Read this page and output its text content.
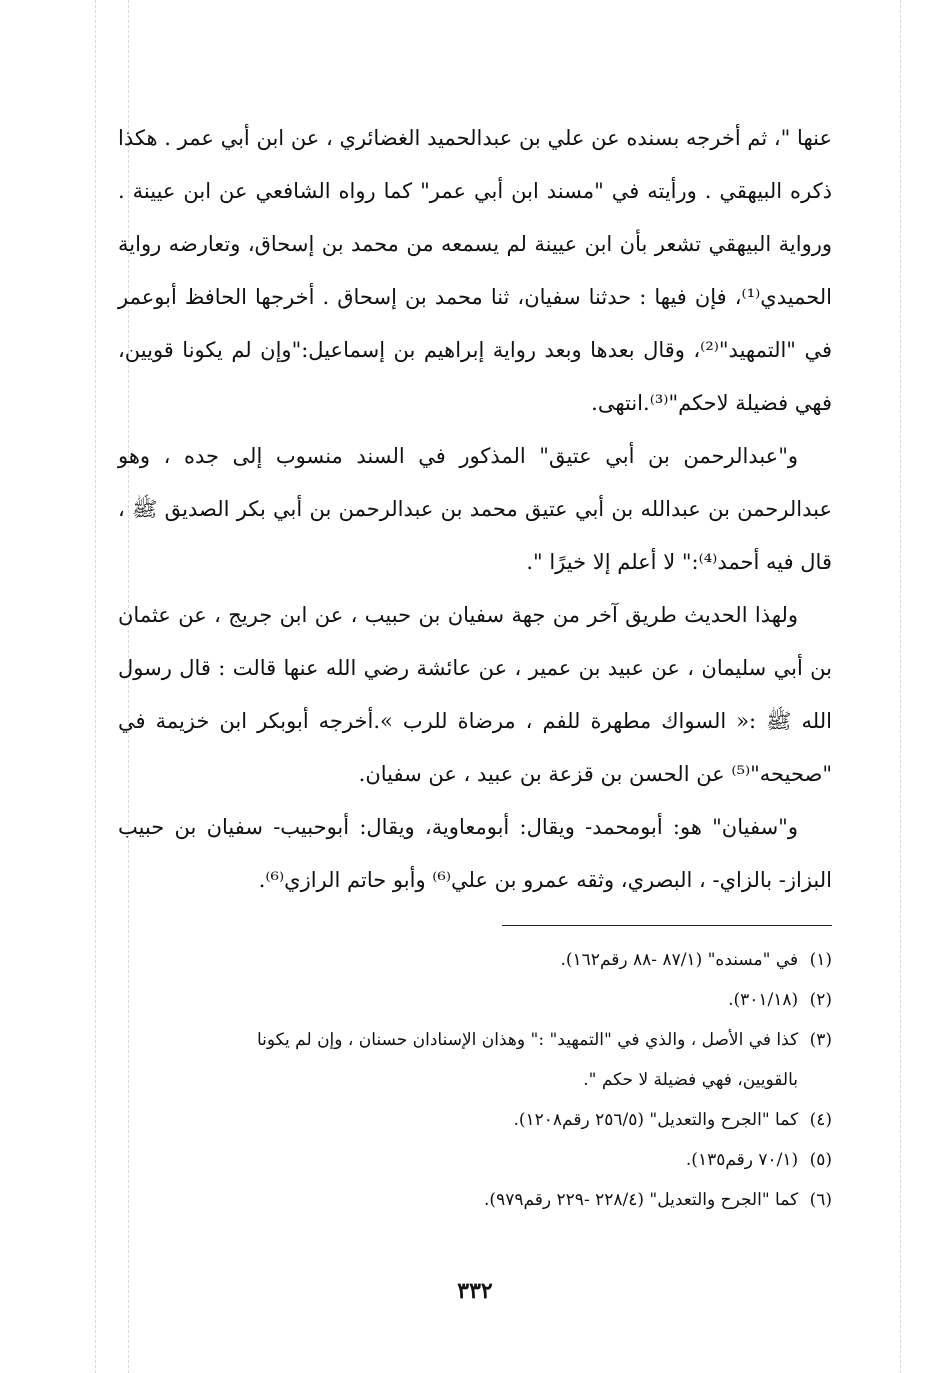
عنها "، ثم أخرجه بسنده عن علي بن عبدالحميد الغضائري ، عن ابن أبي عمر . هكذا ذكره البيهقي . ورأيته في "مسند ابن أبي عمر" كما رواه الشافعي عن ابن عيينة . ورواية البيهقي تشعر بأن ابن عيينة لم يسمعه من محمد بن إسحاق، وتعارضه رواية الحميدي⁽¹⁾، فإن فيها : حدثنا سفيان، ثنا محمد بن إسحاق . أخرجها الحافظ أبوعمر في "التمهيد"⁽²⁾، وقال بعدها وبعد رواية إبراهيم بن إسماعيل:"وإن لم يكونا قويين، فهي فضيلة لاحكم"⁽³⁾.انتهى.

و"عبدالرحمن بن أبي عتيق" المذكور في السند منسوب إلى جده ، وهو عبدالرحمن بن عبدالله بن أبي عتيق محمد بن عبدالرحمن بن أبي بكر الصديق ﷺ ، قال فيه أحمد⁽⁴⁾:" لا أعلم إلا خيرًا ".

ولهذا الحديث طريق آخر من جهة سفيان بن حبيب ، عن ابن جريج ، عن عثمان بن أبي سليمان ، عن عبيد بن عمير ، عن عائشة رضي الله عنها قالت : قال رسول الله ﷺ :« السواك مطهرة للفم ، مرضاة للرب ».أخرجه أبوبكر ابن خزيمة في "صحيحه"⁽⁵⁾ عن الحسن بن قزعة بن عبيد ، عن سفيان.

و"سفيان" هو: أبومحمد- ويقال: أبومعاوية، ويقال: أبوحبيب- سفيان بن حبيب البزاز- بالزاي- ، البصري، وثقه عمرو بن علي⁽⁶⁾ وأبو حاتم الرازي⁽⁶⁾.

(١) في "مسنده" (٨٧/١ -٨٨ رقم١٦٢).
(٢) (٣٠١/١٨).
(٣) كذا في الأصل ، والذي في "التمهيد" :" وهذان الإسنادان حسنان ، وإن لم يكونا
بالقويين، فهي فضيلة لا حكم ".
(٤) كما "الجرح والتعديل" (٢٥٦/٥ رقم١٢٠٨).
(٥) (٧٠/١ رقم١٣٥).
(٦) كما "الجرح والتعديل" (٢٢٨/٤ -٢٢٩ رقم٩٧٩).
٣٣٢
